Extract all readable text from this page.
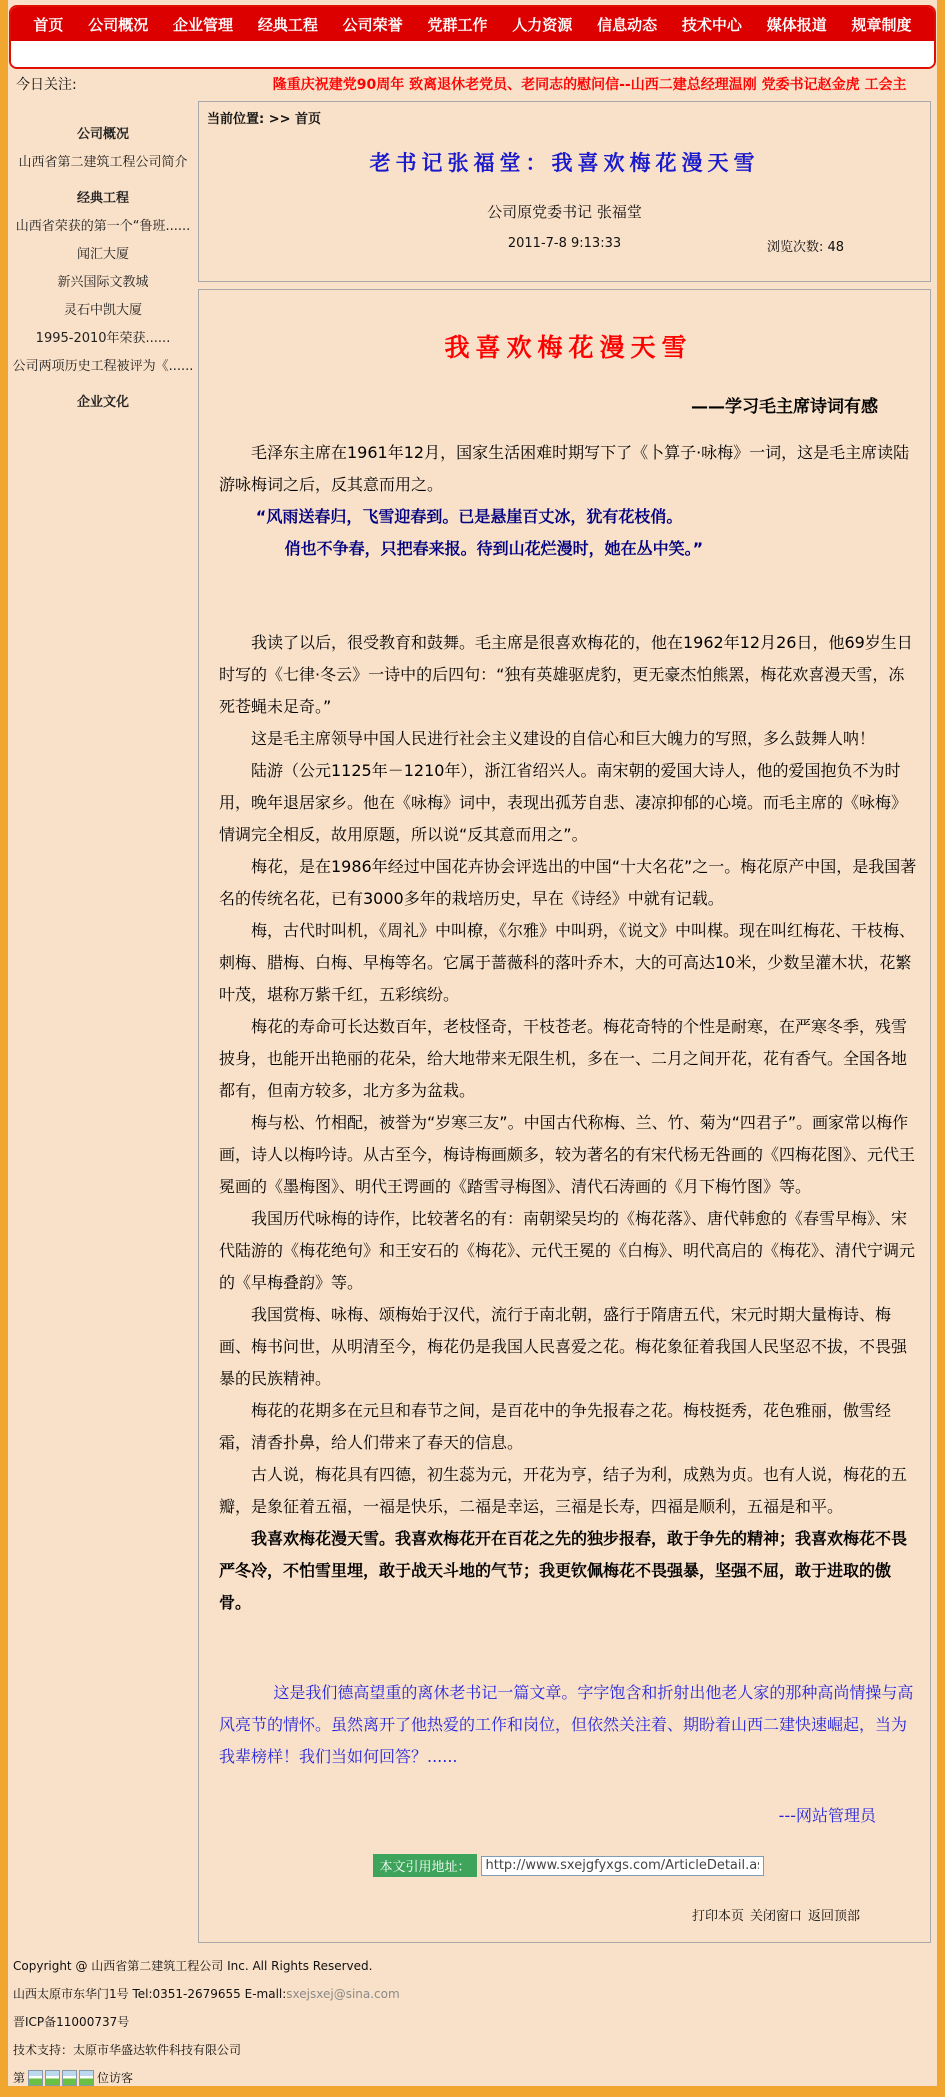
首页 公司概况 企业管理 经典工程 公司荣誉 党群工作 人力资源 信息动态 技术中心 媒体报道 规章制度
今日关注:	隆重庆祝建党90周年 致离退休老党员、老同志的慰问信--山西二建总经理温刚 党委书记赵金虎 工会主
公司概况
山西省第二建筑工程公司简介
经典工程
山西省荣获的第一个“鲁班......
闻汇大厦
新兴国际文教城
灵石中凯大厦
1995-2010年荣获......
公司两项历史工程被评为《......
企业文化
当前位置: >> 首页
老书记张福堂：我喜欢梅花漫天雪
公司原党委书记 张福堂
2011-7-8 9:13:33	浏览次数: 48
我喜欢梅花漫天雪
——学习毛主席诗词有感

毛泽东主席在1961年12月，国家生活困难时期写下了《卜算子·咏梅》一词，这是毛主席读陆游咏梅词之后，反其意而用之。

“风雨送春归，飞雪迎春到。已是悬崖百丈冰，犹有花枝俏。

俏也不争春，只把春来报。待到山花烂漫时，她在丛中笑。”

我读了以后，很受教育和鼓舞。毛主席是很喜欢梅花的，他在1962年12月26日，他69岁生日时写的《七律·冬云》一诗中的后四句：“独有英雄驱虎豹，更无豪杰怕熊罴，梅花欢喜漫天雪，冻死苍蝇未足奇。”

这是毛主席领导中国人民进行社会主义建设的自信心和巨大魄力的写照，多么鼓舞人呐！

陆游（公元1125年－1210年），浙江省绍兴人。南宋朝的爱国大诗人，他的爱国抱负不为时用，晚年退居家乡。他在《咏梅》词中，表现出孤芳自悲、凄凉抑郁的心境。而毛主席的《咏梅》情调完全相反，故用原题，所以说“反其意而用之”。

梅花，是在1986年经过中国花卉协会评选出的中国“十大名花”之一。梅花原产中国，是我国著名的传统名花，已有3000多年的栽培历史，早在《诗经》中就有记载。

梅，古代时叫机，《周礼》中叫橑，《尔雅》中叫玬，《说文》中叫楳。现在叫红梅花、干枝梅、刺梅、腊梅、白梅、早梅等名。它属于蔷薇科的落叶乔木，大的可高达10米，少数呈灌木状，花繁叶茂，堪称万紫千红，五彩缤纷。

梅花的寿命可长达数百年，老枝怪奇，干枝苍老。梅花奇特的个性是耐寒，在严寒冬季，残雪披身，也能开出艳丽的花朵，给大地带来无限生机，多在一、二月之间开花，花有香气。全国各地都有，但南方较多，北方多为盆栽。

梅与松、竹相配，被誉为“岁寒三友”。中国古代称梅、兰、竹、菊为“四君子”。画家常以梅作画，诗人以梅吟诗。从古至今，梅诗梅画颇多，较为著名的有宋代杨无咎画的《四梅花图》、元代王冕画的《墨梅图》、明代王谔画的《踏雪寻梅图》、清代石涛画的《月下梅竹图》等。

我国历代咏梅的诗作，比较著名的有：南朝梁吴均的《梅花落》、唐代韩愈的《春雪早梅》、宋代陆游的《梅花绝句》和王安石的《梅花》、元代王冕的《白梅》、明代高启的《梅花》、清代宁调元的《早梅叠韵》等。

我国赏梅、咏梅、颂梅始于汉代，流行于南北朝，盛行于隋唐五代，宋元时期大量梅诗、梅画、梅书问世，从明清至今，梅花仍是我国人民喜爱之花。梅花象征着我国人民坚忍不拔，不畏强暴的民族精神。

梅花的花期多在元旦和春节之间，是百花中的争先报春之花。梅枝挺秀，花色雅丽，傲雪经霜，清香扑鼻，给人们带来了春天的信息。

古人说，梅花具有四德，初生蕊为元，开花为亨，结子为利，成熟为贞。也有人说，梅花的五瓣，是象征着五福，一福是快乐，二福是幸运，三福是长寿，四福是顺利，五福是和平。

我喜欢梅花漫天雪。我喜欢梅花开在百花之先的独步报春，敢于争先的精神；我喜欢梅花不畏严冬冷，不怕雪里埋，敢于战天斗地的气节；我更钦佩梅花不畏强暴，坚强不屈，敢于进取的傲骨。

这是我们德高望重的离休老书记一篇文章。字字饱含和折射出他老人家的那种高尚情操与高风亮节的情怀。虽然离开了他热爱的工作和岗位，但依然关注着、期盼着山西二建快速崛起，当为我辈榜样！我们当如何回答？......

---网站管理员
本文引用地址：
http://www.sxejgfyxgs.com/ArticleDetail.aspx?id=1783
打印本页 关闭窗口 返回顶部
Copyright @ 山西省第二建筑工程公司 Inc. All Rights Reserved.
山西太原市东华门1号 Tel:0351-2679655 E-mall:sxejsxej@sina.com
晋ICP备11000737号
技术支持：太原市华盛达软件科技有限公司
第	位访客
